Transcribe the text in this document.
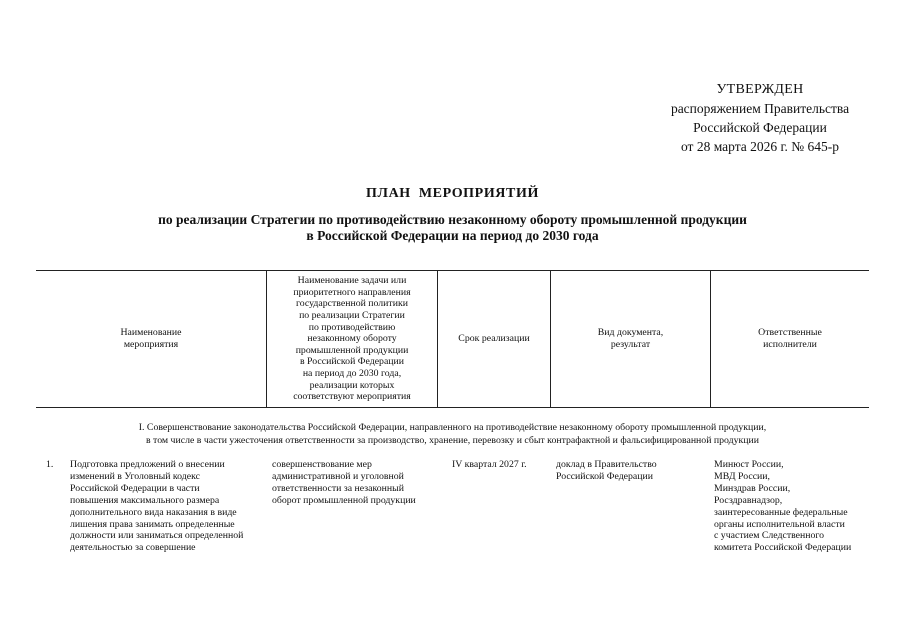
УТВЕРЖДЕН
распоряжением Правительства
Российской Федерации
от 28 марта 2026 г. № 645-р
ПЛАН МЕРОПРИЯТИЙ
по реализации Стратегии по противодействию незаконному обороту промышленной продукции
в Российской Федерации на период до 2030 года
Наименование
мероприятия
Наименование задачи или
приоритетного направления
государственной политики
по реализации Стратегии
по противодействию
незаконному обороту
промышленной продукции
в Российской Федерации
на период до 2030 года,
реализации которых
соответствуют мероприятия
Срок реализации
Вид документа,
результат
Ответственные
исполнители
I. Совершенствование законодательства Российской Федерации, направленного на противодействие незаконному обороту промышленной продукции,
в том числе в части ужесточения ответственности за производство, хранение, перевозку и сбыт контрафактной и фальсифицированной продукции
1.	Подготовка предложений о внесении
изменений в Уголовный кодекс
Российской Федерации в части
повышения максимального размера
дополнительного вида наказания в виде
лишения права занимать определенные
должности или заниматься определенной
деятельностью за совершение
совершенствование мер
административной и уголовной
ответственности за незаконный
оборот промышленной продукции
IV квартал 2027 г.	доклад в Правительство
Российской Федерации
Минюст России,
МВД России,
Минздрав России,
Росздравнадзор,
заинтересованные федеральные
органы исполнительной власти
с участием Следственного
комитета Российской Федерации
